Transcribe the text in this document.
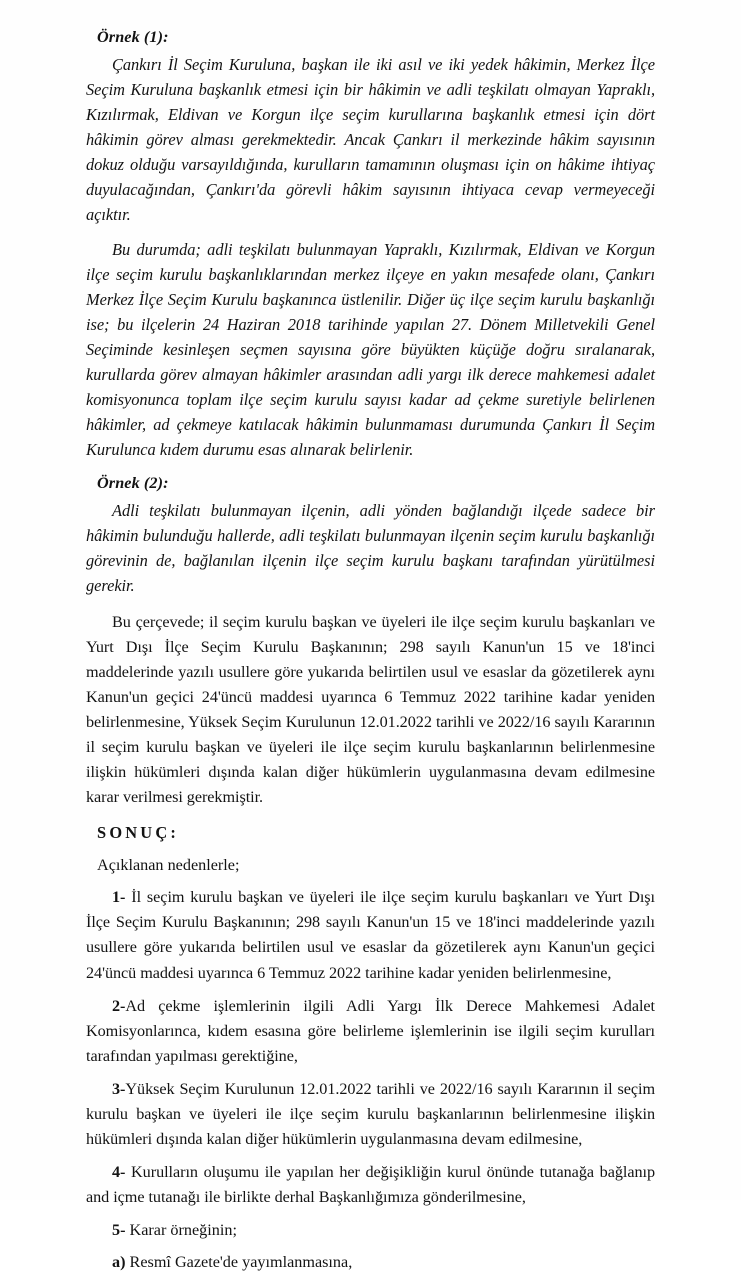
Örnek (1):

Çankırı İl Seçim Kuruluna, başkan ile iki asıl ve iki yedek hâkimin, Merkez İlçe Seçim Kuruluna başkanlık etmesi için bir hâkimin ve adli teşkilatı olmayan Yapraklı, Kızılırmak, Eldivan ve Korgun ilçe seçim kurullarına başkanlık etmesi için dört hâkimin görev alması gerekmektedir. Ancak Çankırı il merkezinde hâkim sayısının dokuz olduğu varsayıldığında, kurulların tamamının oluşması için on hâkime ihtiyaç duyulacağından, Çankırı'da görevli hâkim sayısının ihtiyaca cevap vermeyeceği açıktır.

Bu durumda; adli teşkilatı bulunmayan Yapraklı, Kızılırmak, Eldivan ve Korgun ilçe seçim kurulu başkanlıklarından merkez ilçeye en yakın mesafede olanı, Çankırı Merkez İlçe Seçim Kurulu başkanınca üstlenilir. Diğer üç ilçe seçim kurulu başkanlığı ise; bu ilçelerin 24 Haziran 2018 tarihinde yapılan 27. Dönem Milletvekili Genel Seçiminde kesinleşen seçmen sayısına göre büyükten küçüğe doğru sıralanarak, kurullarda görev almayan hâkimler arasından adli yargı ilk derece mahkemesi adalet komisyonunca toplam ilçe seçim kurulu sayısı kadar ad çekme suretiyle belirlenen hâkimler, ad çekmeye katılacak hâkimin bulunmaması durumunda Çankırı İl Seçim Kurulunca kıdem durumu esas alınarak belirlenir.

Örnek (2):

Adli teşkilatı bulunmayan ilçenin, adli yönden bağlandığı ilçede sadece bir hâkimin bulunduğu hallerde, adli teşkilatı bulunmayan ilçenin seçim kurulu başkanlığı görevinin de, bağlanılan ilçenin ilçe seçim kurulu başkanı tarafından yürütülmesi gerekir.

Bu çerçevede; il seçim kurulu başkan ve üyeleri ile ilçe seçim kurulu başkanları ve Yurt Dışı İlçe Seçim Kurulu Başkanının; 298 sayılı Kanun'un 15 ve 18'inci maddelerinde yazılı usullere göre yukarıda belirtilen usul ve esaslar da gözetilerek aynı Kanun'un geçici 24'üncü maddesi uyarınca 6 Temmuz 2022 tarihine kadar yeniden belirlenmesine, Yüksek Seçim Kurulunun 12.01.2022 tarihli ve 2022/16 sayılı Kararının il seçim kurulu başkan ve üyeleri ile ilçe seçim kurulu başkanlarının belirlenmesine ilişkin hükümleri dışında kalan diğer hükümlerin uygulanmasına devam edilmesine karar verilmesi gerekmiştir.

SONUÇ:

Açıklanan nedenlerle;

1- İl seçim kurulu başkan ve üyeleri ile ilçe seçim kurulu başkanları ve Yurt Dışı İlçe Seçim Kurulu Başkanının; 298 sayılı Kanun'un 15 ve 18'inci maddelerinde yazılı usullere göre yukarıda belirtilen usul ve esaslar da gözetilerek aynı Kanun'un geçici 24'üncü maddesi uyarınca 6 Temmuz 2022 tarihine kadar yeniden belirlenmesine,

2-Ad çekme işlemlerinin ilgili Adli Yargı İlk Derece Mahkemesi Adalet Komisyonlarınca, kıdem esasına göre belirleme işlemlerinin ise ilgili seçim kurulları tarafından yapılması gerektiğine,

3-Yüksek Seçim Kurulunun 12.01.2022 tarihli ve 2022/16 sayılı Kararının il seçim kurulu başkan ve üyeleri ile ilçe seçim kurulu başkanlarının belirlenmesine ilişkin hükümleri dışında kalan diğer hükümlerin uygulanmasına devam edilmesine,

4- Kurulların oluşumu ile yapılan her değişikliğin kurul önünde tutanağa bağlanıp and içme tutanağı ile birlikte derhal Başkanlığımıza gönderilmesine,

5- Karar örneğinin;

a) Resmî Gazete'de yayımlanmasına,
